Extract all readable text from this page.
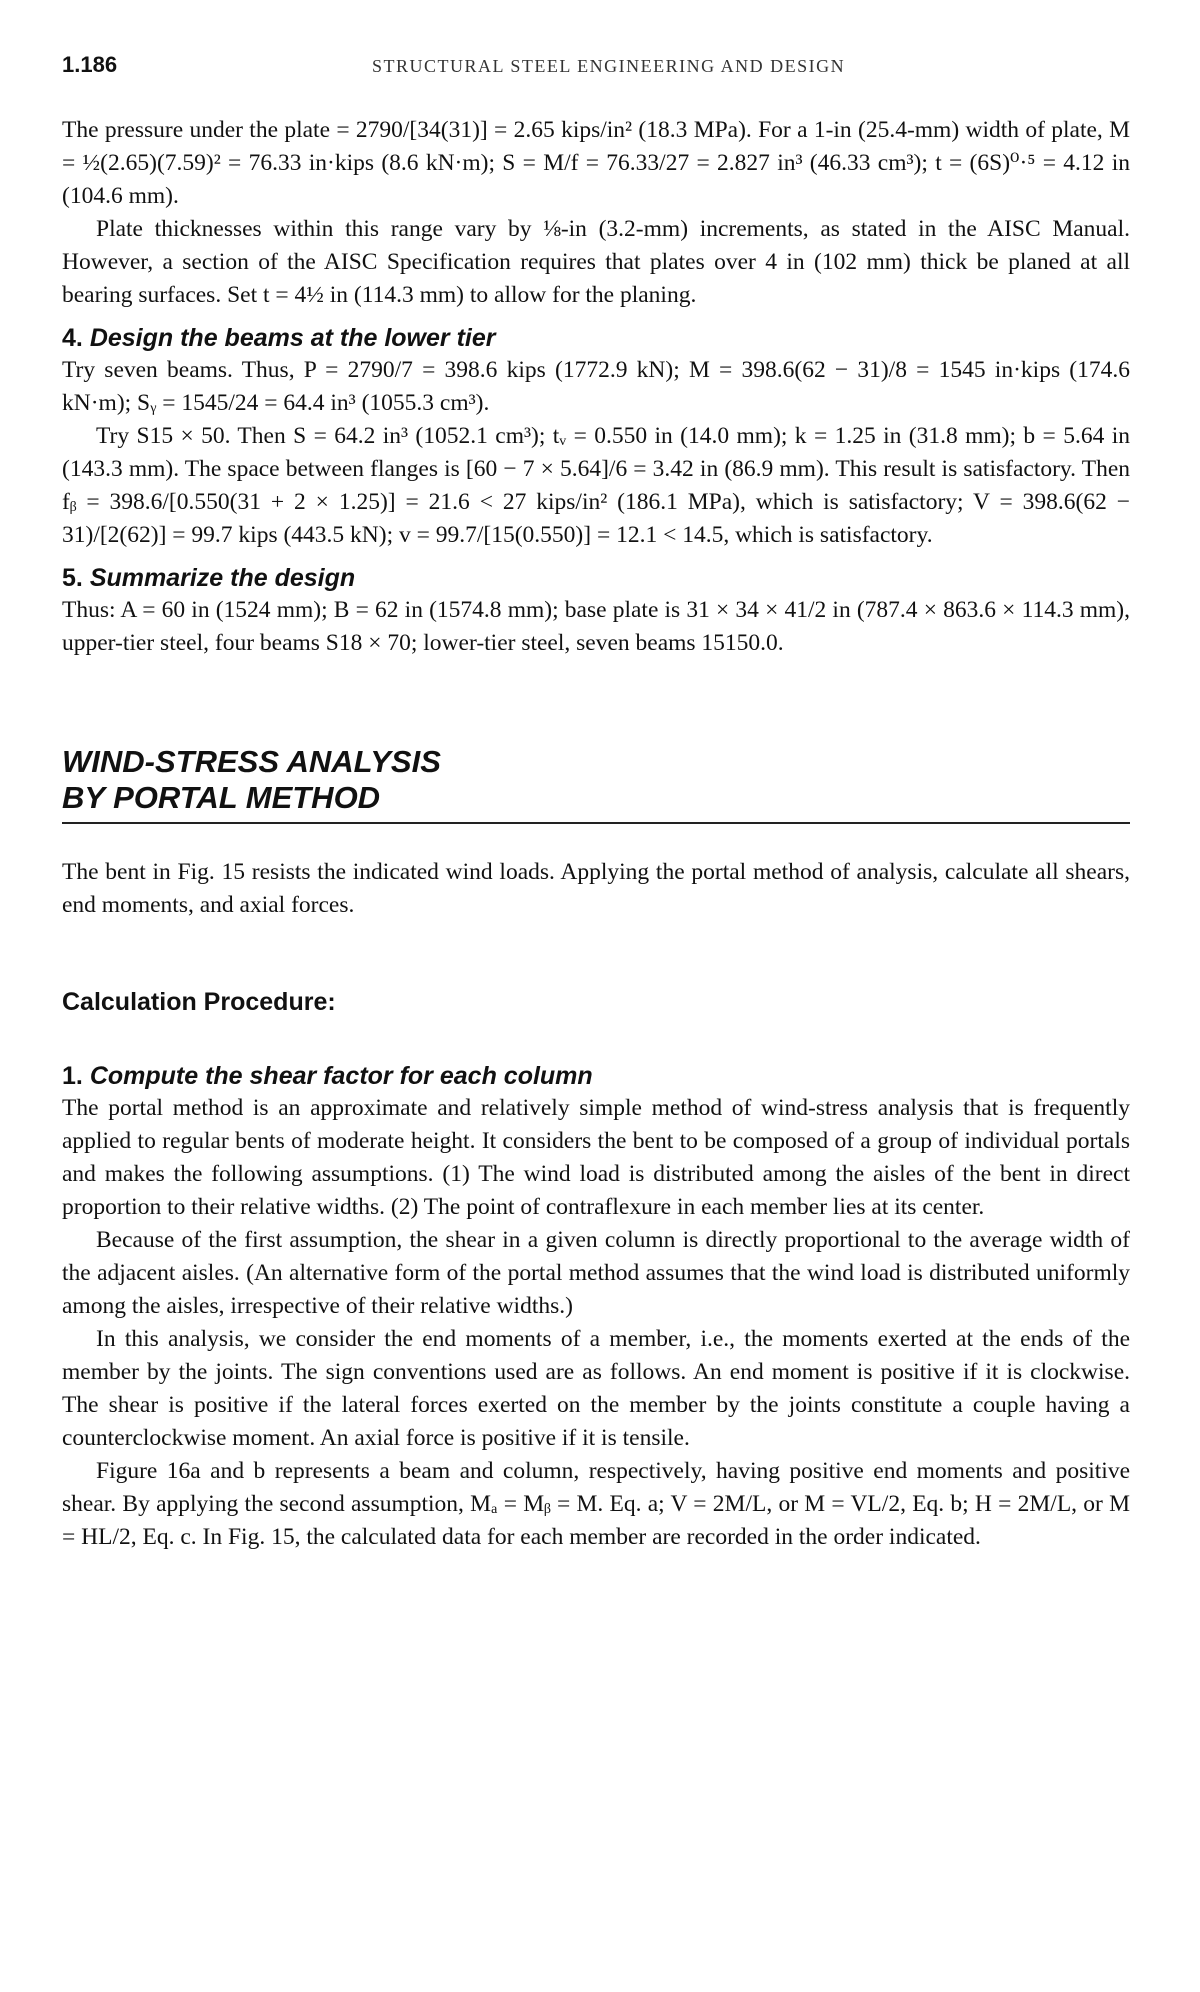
1.186	STRUCTURAL STEEL ENGINEERING AND DESIGN

The pressure under the plate = 2790/[34(31)] = 2.65 kips/in² (18.3 MPa). For a 1-in (25.4-mm) width of plate, M = ½(2.65)(7.59)² = 76.33 in·kips (8.6 kN·m); S = M/f = 76.33/27 = 2.827 in³ (46.33 cm³); t = (6S)⁰·⁵ = 4.12 in (104.6 mm).

Plate thicknesses within this range vary by ⅛-in (3.2-mm) increments, as stated in the AISC Manual. However, a section of the AISC Specification requires that plates over 4 in (102 mm) thick be planed at all bearing surfaces. Set t = 4½ in (114.3 mm) to allow for the planing.

4. Design the beams at the lower tier

Try seven beams. Thus, P = 2790/7 = 398.6 kips (1772.9 kN); M = 398.6(62 − 31)/8 = 1545 in·kips (174.6 kN·m); Sᵧ = 1545/24 = 64.4 in³ (1055.3 cm³).

Try S15 × 50. Then S = 64.2 in³ (1052.1 cm³); tᵥ = 0.550 in (14.0 mm); k = 1.25 in (31.8 mm); b = 5.64 in (143.3 mm). The space between flanges is [60 − 7 × 5.64]/6 = 3.42 in (86.9 mm). This result is satisfactory. Then fᵦ = 398.6/[0.550(31 + 2 × 1.25)] = 21.6 < 27 kips/in² (186.1 MPa), which is satisfactory; V = 398.6(62 − 31)/[2(62)] = 99.7 kips (443.5 kN); v = 99.7/[15(0.550)] = 12.1 < 14.5, which is satisfactory.

5. Summarize the design

Thus: A = 60 in (1524 mm); B = 62 in (1574.8 mm); base plate is 31 × 34 × 41/2 in (787.4 × 863.6 × 114.3 mm), upper-tier steel, four beams S18 × 70; lower-tier steel, seven beams 15150.0.

WIND-STRESS ANALYSIS
BY PORTAL METHOD

The bent in Fig. 15 resists the indicated wind loads. Applying the portal method of analysis, calculate all shears, end moments, and axial forces.

Calculation Procedure:
1. Compute the shear factor for each column

The portal method is an approximate and relatively simple method of wind-stress analysis that is frequently applied to regular bents of moderate height. It considers the bent to be composed of a group of individual portals and makes the following assumptions. (1) The wind load is distributed among the aisles of the bent in direct proportion to their relative widths. (2) The point of contraflexure in each member lies at its center.

Because of the first assumption, the shear in a given column is directly proportional to the average width of the adjacent aisles. (An alternative form of the portal method assumes that the wind load is distributed uniformly among the aisles, irrespective of their relative widths.)

In this analysis, we consider the end moments of a member, i.e., the moments exerted at the ends of the member by the joints. The sign conventions used are as follows. An end moment is positive if it is clockwise. The shear is positive if the lateral forces exerted on the member by the joints constitute a couple having a counterclockwise moment. An axial force is positive if it is tensile.

Figure 16a and b represents a beam and column, respectively, having positive end moments and positive shear. By applying the second assumption, Mₐ = Mᵦ = M. Eq. a; V = 2M/L, or M = VL/2, Eq. b; H = 2M/L, or M = HL/2, Eq. c. In Fig. 15, the calculated data for each member are recorded in the order indicated.
